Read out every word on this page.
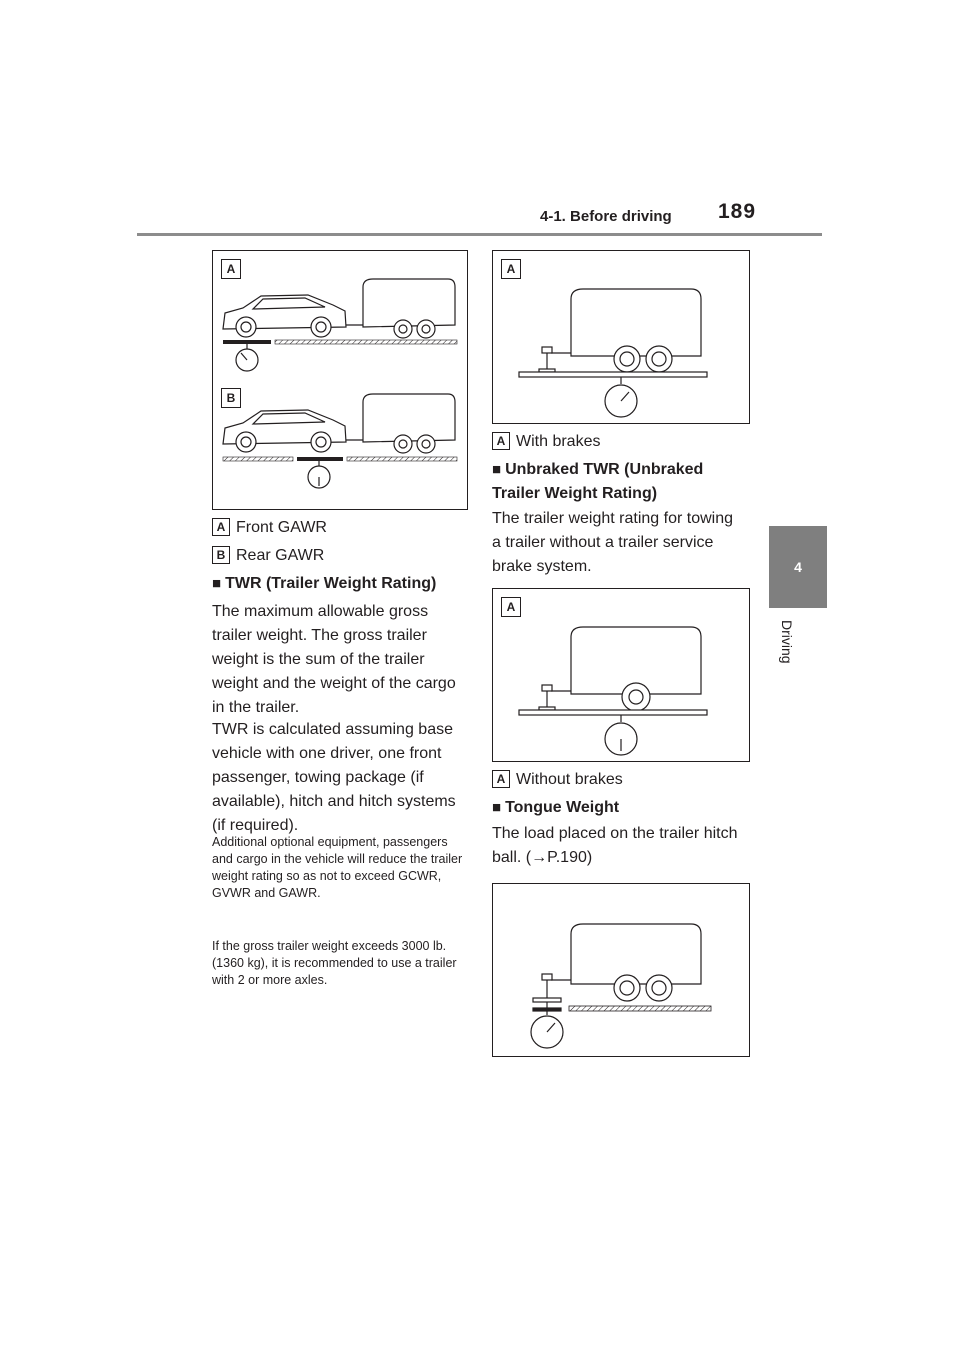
4-1. Before driving 189
4
Driving
A
B
A Front GAWR
B Rear GAWR
■ TWR (Trailer Weight Rating)
The maximum allowable gross trailer weight. The gross trailer weight is the sum of the trailer weight and the weight of the cargo in the trailer.
TWR is calculated assuming base vehicle with one driver, one front passenger, towing package (if available), hitch and hitch systems (if required).
Additional optional equipment, passengers and cargo in the vehicle will reduce the trailer weight rating so as not to exceed GCWR, GVWR and GAWR.
If the gross trailer weight exceeds 3000 lb. (1360 kg), it is recommended to use a trailer with 2 or more axles.
A
A With brakes
■ Unbraked TWR (Unbraked Trailer Weight Rating)
The trailer weight rating for towing a trailer without a trailer service brake system.
A
A Without brakes
■ Tongue Weight
The load placed on the trailer hitch ball. (→P.190)
